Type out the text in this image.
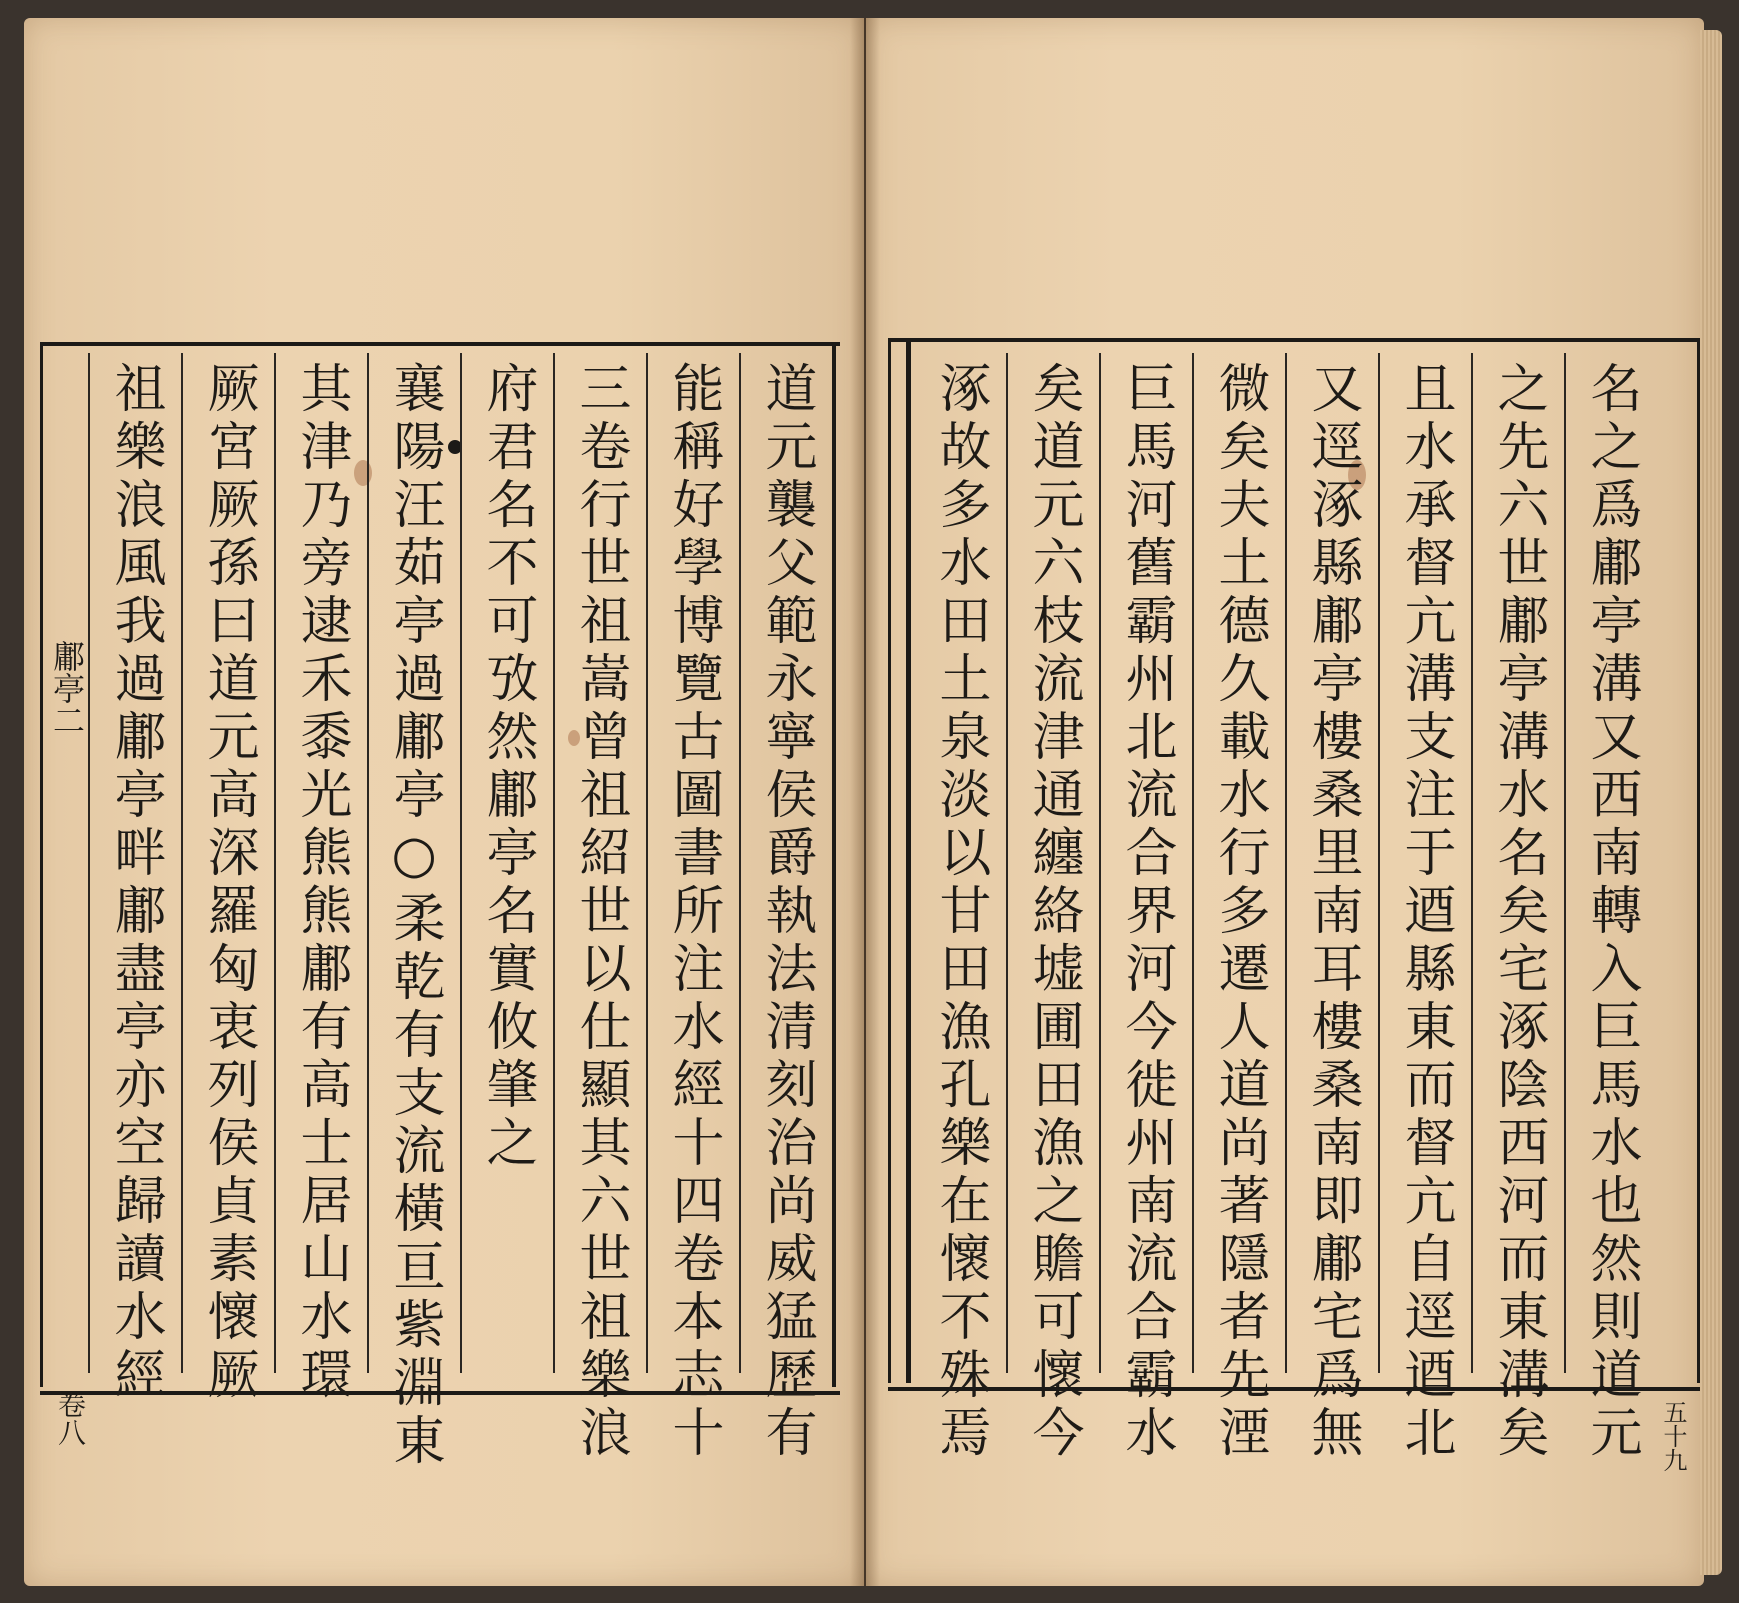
鄘亭二
卷八	道元襲父範永寧侯爵執法清刻治尚威猛歷有
能稱好學博覽古圖書所注水經十四卷本志十
三卷行世祖嵩曾祖紹世以仕顯其六世祖樂浪
府君名不可攷然鄘亭名實攸肇之
襄陽汪茹亭過鄘亭○柔乾有支流橫亘紫淵東
其津乃旁逮禾黍光熊熊鄘有高士居山水環
厥宮厥孫曰道元高深羅匈衷列侯貞素懷厥
祖樂浪風我過鄘亭畔鄘盡亭亦空歸讀水經
五十九
名之爲鄘亭溝又西南轉入巨馬水也然則道元
之先六世鄘亭溝水名矣宅涿陰西河而東溝矣
且水承督亢溝支注于逎縣東而督亢自逕逎北
又逕涿縣鄘亭樓桑里南耳樓桑南即鄘宅爲無
微矣夫土德久載水行多遷人道尚著隱者先湮
巨馬河舊霸州北流合界河今徙州南流合霸水
矣道元六枝流津通纏絡墟圃田漁之贍可懷今
涿故多水田土泉淡以甘田漁孔樂在懷不殊焉
